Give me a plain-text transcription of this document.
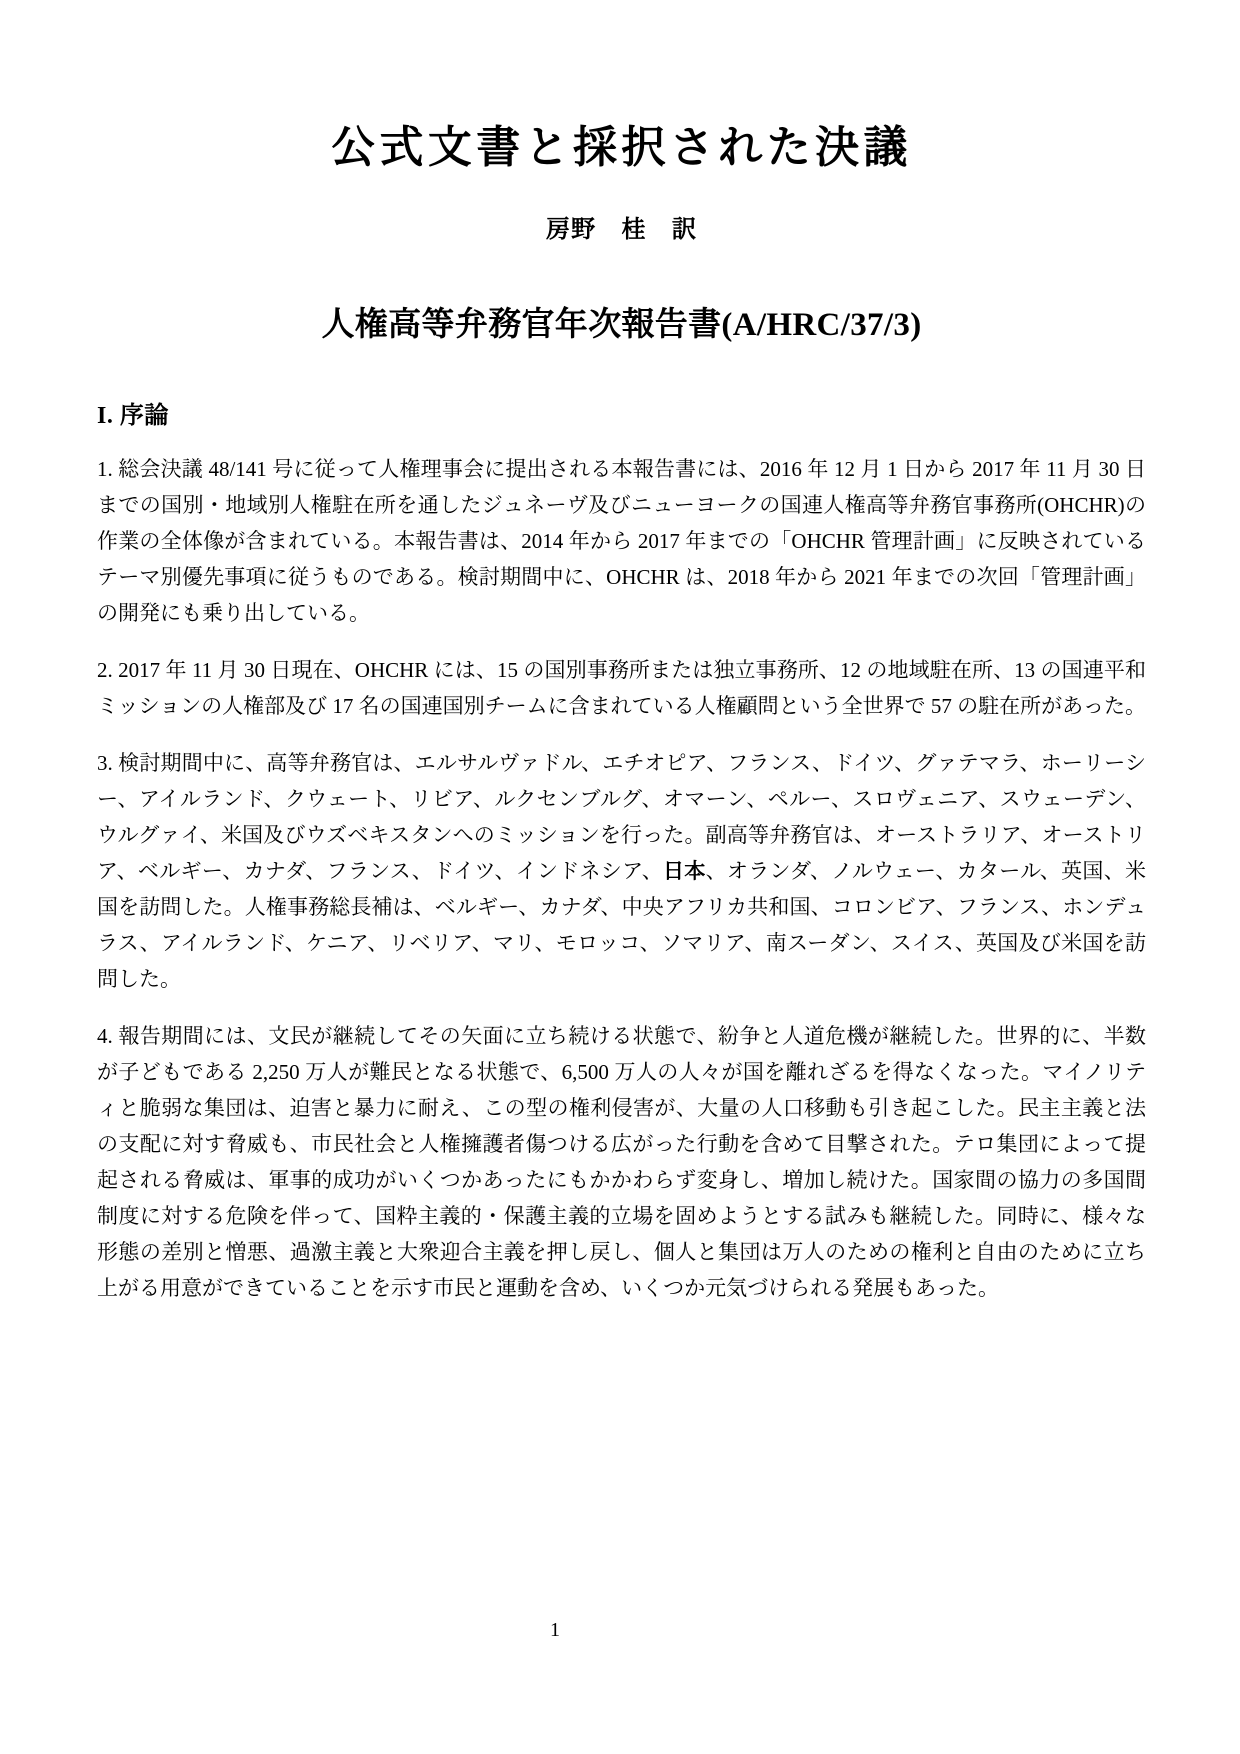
公式文書と採択された決議
房野　桂　訳
人権高等弁務官年次報告書(A/HRC/37/3)
I. 序論

1. 総会決議 48/141 号に従って人権理事会に提出される本報告書には、2016 年 12 月 1 日から 2017 年 11 月 30 日までの国別・地域別人権駐在所を通したジュネーヴ及びニューヨークの国連人権高等弁務官事務所(OHCHR)の作業の全体像が含まれている。本報告書は、2014 年から 2017 年までの「OHCHR 管理計画」に反映されているテーマ別優先事項に従うものである。検討期間中に、OHCHR は、2018 年から 2021 年までの次回「管理計画」の開発にも乗り出している。

2. 2017 年 11 月 30 日現在、OHCHR には、15 の国別事務所または独立事務所、12 の地域駐在所、13 の国連平和ミッションの人権部及び 17 名の国連国別チームに含まれている人権顧問という全世界で 57 の駐在所があった。

3. 検討期間中に、高等弁務官は、エルサルヴァドル、エチオピア、フランス、ドイツ、グァテマラ、ホーリーシー、アイルランド、クウェート、リビア、ルクセンブルグ、オマーン、ペルー、スロヴェニア、スウェーデン、ウルグァイ、米国及びウズベキスタンへのミッションを行った。副高等弁務官は、オーストラリア、オーストリア、ベルギー、カナダ、フランス、ドイツ、インドネシア、日本、オランダ、ノルウェー、カタール、英国、米国を訪問した。人権事務総長補は、ベルギー、カナダ、中央アフリカ共和国、コロンビア、フランス、ホンデュラス、アイルランド、ケニア、リベリア、マリ、モロッコ、ソマリア、南スーダン、スイス、英国及び米国を訪問した。

4. 報告期間には、文民が継続してその矢面に立ち続ける状態で、紛争と人道危機が継続した。世界的に、半数が子どもである 2,250 万人が難民となる状態で、6,500 万人の人々が国を離れざるを得なくなった。マイノリティと脆弱な集団は、迫害と暴力に耐え、この型の権利侵害が、大量の人口移動も引き起こした。民主主義と法の支配に対す脅威も、市民社会と人権擁護者傷つける広がった行動を含めて目撃された。テロ集団によって提起される脅威は、軍事的成功がいくつかあったにもかかわらず変身し、増加し続けた。国家間の協力の多国間制度に対する危険を伴って、国粋主義的・保護主義的立場を固めようとする試みも継続した。同時に、様々な形態の差別と憎悪、過激主義と大衆迎合主義を押し戻し、個人と集団は万人のための権利と自由のために立ち上がる用意ができていることを示す市民と運動を含め、いくつか元気づけられる発展もあった。

1
